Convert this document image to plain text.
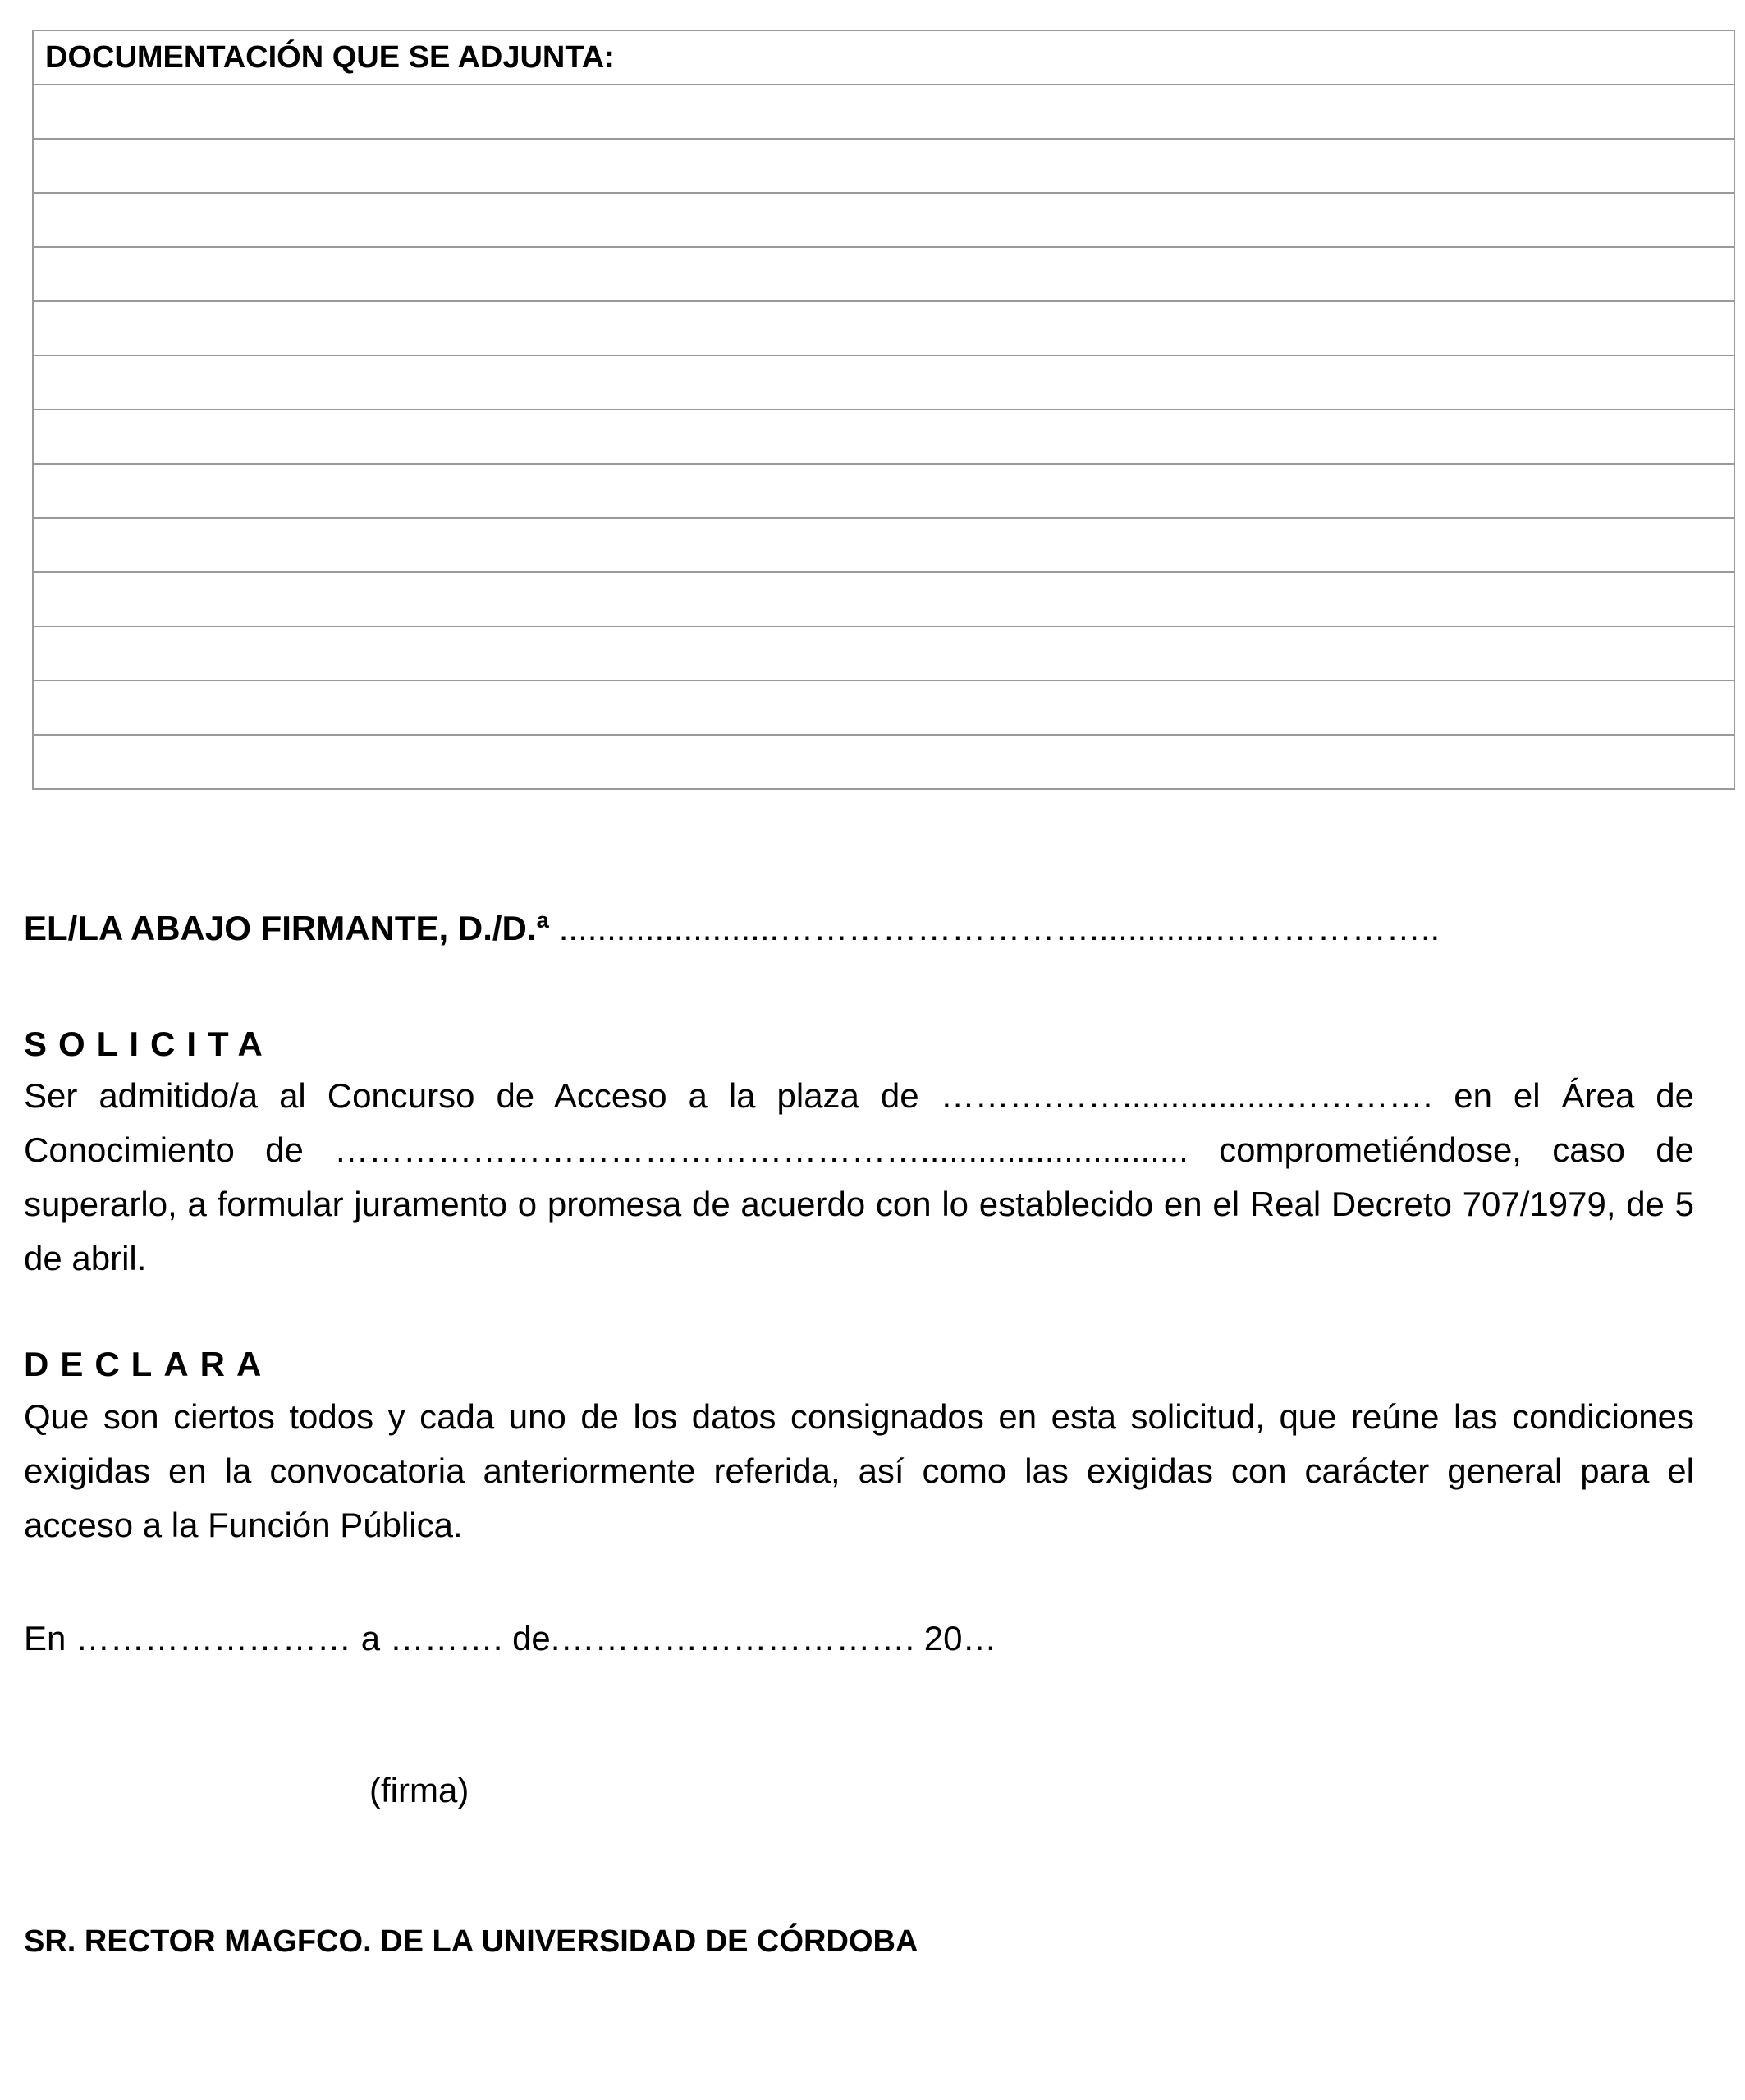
DOCUMENTACIÓN QUE SE ADJUNTA:

EL/LA ABAJO FIRMANTE, D./D.ª .......................……………………….............………………..
SOLICITA

Ser admitido/a al Concurso de Acceso a la plaza de ……….…….................…………. en el Área de Conocimiento de ……………………………………………............................ comprometiéndose, caso de superarlo, a formular juramento o promesa de acuerdo con lo establecido en el Real Decreto 707/1979, de 5 de abril.

DECLARA

Que son ciertos todos y cada uno de los datos consignados en esta solicitud, que reúne las condiciones exigidas en la convocatoria anteriormente referida, así como las exigidas con carácter general para el acceso a la Función Pública.

En …………………… a ………. de.…………………………. 20…
(firma)
SR. RECTOR MAGFCO. DE LA UNIVERSIDAD DE CÓRDOBA
